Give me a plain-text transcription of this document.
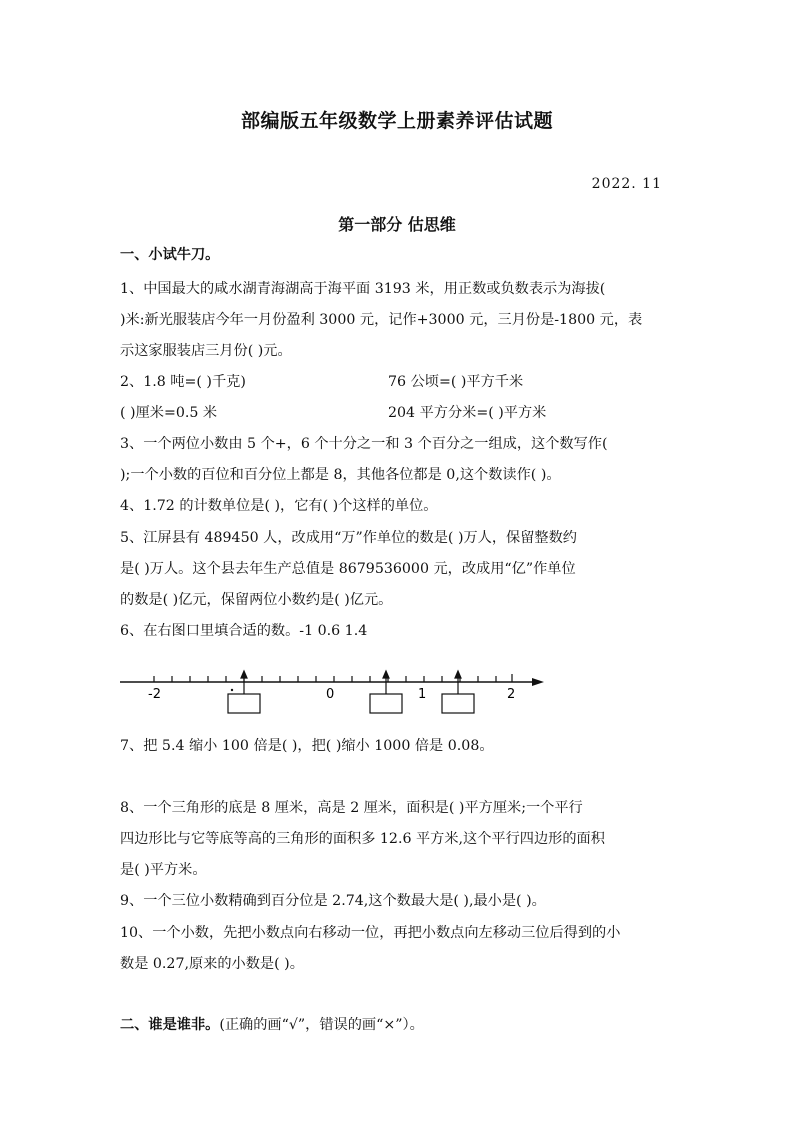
部编版五年级数学上册素养评估试题
2022. 11
第一部分 估思维
一、小试牛刀。
1、中国最大的咸水湖青海湖高于海平面 3193 米，用正数或负数表示为海拔(
)米:新光服装店今年一月份盈利 3000 元，记作+3000 元，三月份是-1800 元，表
示这家服装店三月份( )元。
2、1.8 吨=( )千克)	76 公顷=( )平方千米
( )厘米=0.5 米	204 平方分米=( )平方米
3、一个两位小数由 5 个+，6 个十分之一和 3 个百分之一组成，这个数写作(
);一个小数的百位和百分位上都是 8，其他各位都是 0,这个数读作( )。
4、1.72 的计数单位是( )，它有( )个这样的单位。
5、江屏县有 489450 人，改成用“万”作单位的数是( )万人，保留整数约
是( )万人。这个县去年生产总值是 8679536000 元，改成用“亿”作单位
的数是( )亿元，保留两位小数约是( )亿元。
6、在右图口里填合适的数。-1 0.6 1.4
-2	0	1	2
7、把 5.4 缩小 100 倍是( )，把( )缩小 1000 倍是 0.08。
8、一个三角形的底是 8 厘米，高是 2 厘米，面积是( )平方厘米;一个平行
四边形比与它等底等高的三角形的面积多 12.6 平方米,这个平行四边形的面积
是( )平方米。
9、一个三位小数精确到百分位是 2.74,这个数最大是( ),最小是( )。
10、一个小数，先把小数点向右移动一位，再把小数点向左移动三位后得到的小
数是 0.27,原来的小数是( )。
二、谁是谁非。(正确的画“√”，错误的画“×”）。
